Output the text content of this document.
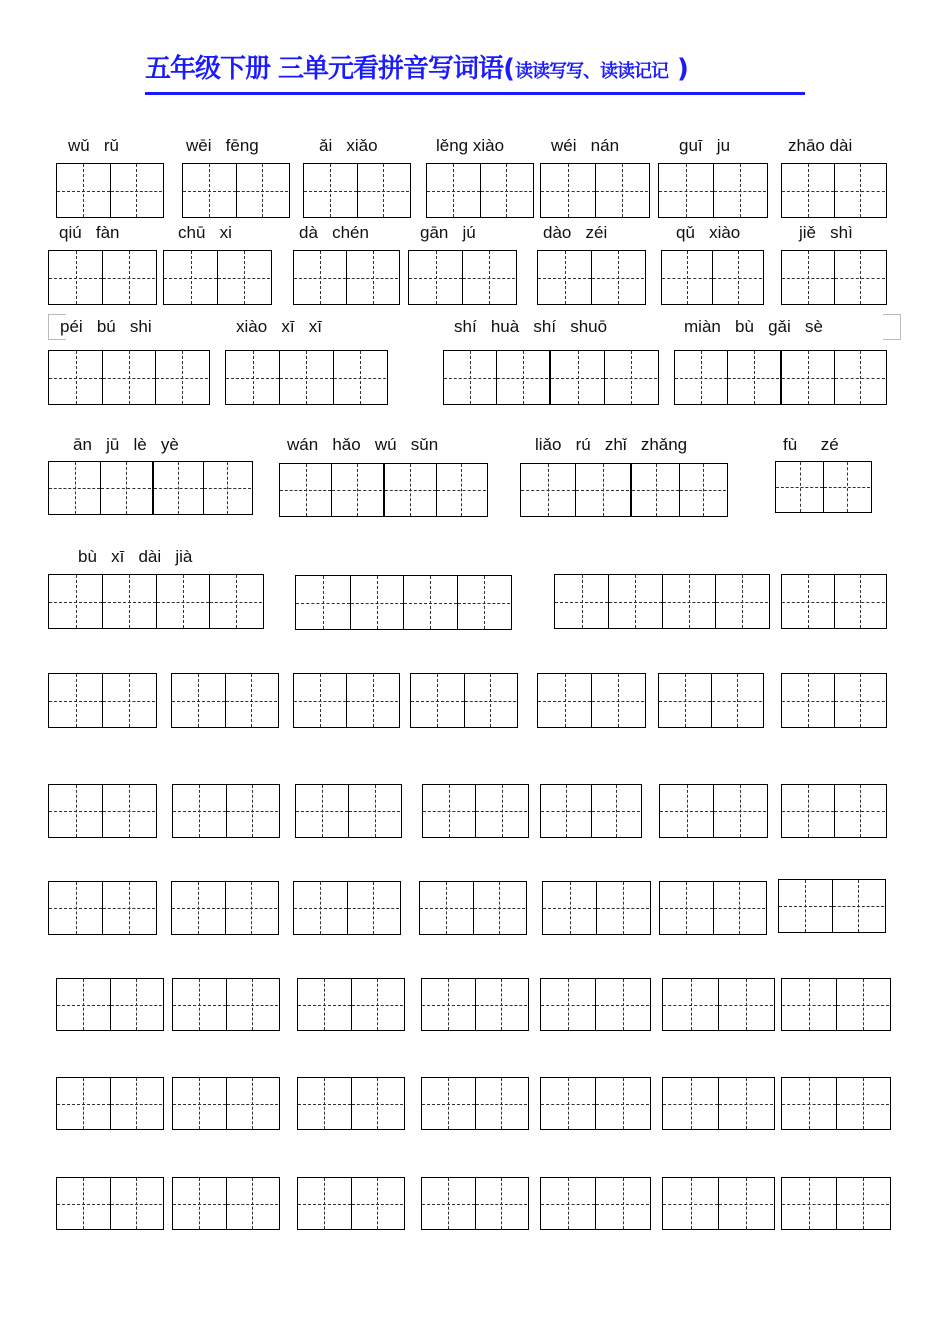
五年级下册 三单元看拼音写词语(读读写写、读读记记 )
wǔ   rǔ	wēi   fēng	ǎi   xiǎo	lěng xiào	wéi   nán	guī   ju	zhāo dài
qiú   fàn	chū   xi	dà   chén	gān   jú	dào   zéi	qǔ   xiào	jiě   shì
péi   bú   shi	xiào   xī   xī	shí   huà   shí   shuō	miàn   bù   gǎi   sè
ān   jū   lè   yè	wán   hǎo   wú   sǔn	liǎo   rú   zhǐ   zhǎng	fù     zé
bù   xī   dài   jià
